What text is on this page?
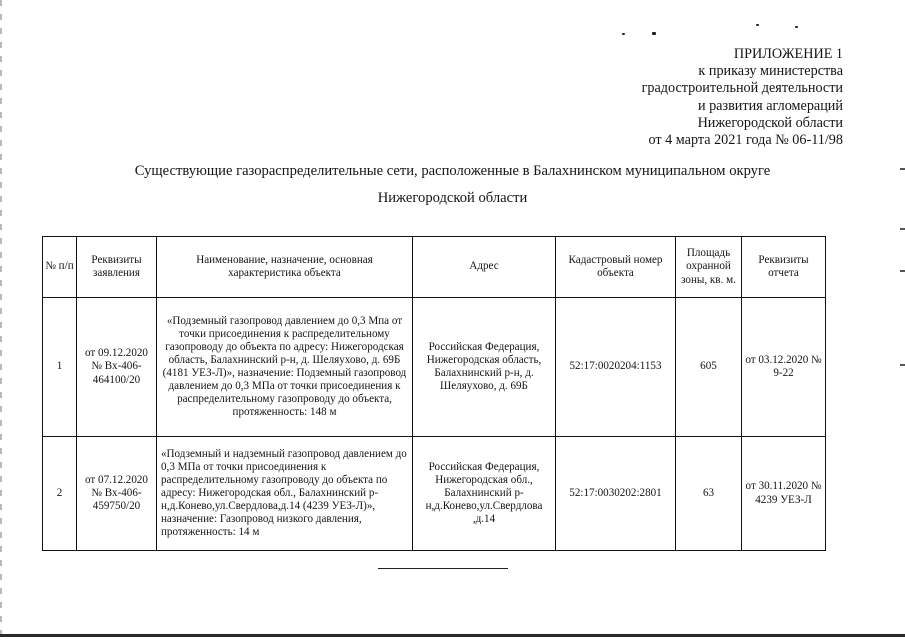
ПРИЛОЖЕНИЕ 1
к приказу министерства
градостроительной деятельности
и развития агломераций
Нижегородской области
от 4 марта 2021 года № 06-11/98
Существующие газораспределительные сети, расположенные в Балахнинском муниципальном округе
Нижегородской области
№ п/п	Реквизиты заявления	Наименование, назначение, основная характеристика объекта	Адрес	Кадастровый номер объекта	Площадь охранной зоны, кв. м.	Реквизиты отчета
1	от 09.12.2020 № Вх-406-464100/20	«Подземный газопровод давлением до 0,3 Мпа от точки присоединения к распределительному газопроводу до объекта по адресу: Нижегородская область, Балахнинский р-н, д. Шеляухово, д. 69Б (4181 УЕЗ-Л)», назначение: Подземный газопровод давлением до 0,3 МПа от точки присоединения к распределительному газопроводу до объекта, протяженность: 148 м	Российская Федерация, Нижегородская область, Балахнинский р-н, д. Шеляухово, д. 69Б	52:17:0020204:1153	605	от 03.12.2020 № 9-22
2	от 07.12.2020 № Вх-406-459750/20	«Подземный и надземный газопровод давлением до 0,3 МПа от точки присоединения к распределительному газопроводу до объекта по адресу: Нижегородская обл., Балахнинский р-н,д.Конево,ул.Свердлова,д.14 (4239 УЕЗ-Л)», назначение: Газопровод низкого давления, протяженность: 14 м	Российская Федерация, Нижегородская обл., Балахнинский р-н,д.Конево,ул.Свердлова ,д.14	52:17:0030202:2801	63	от 30.11.2020 № 4239 УЕЗ-Л
